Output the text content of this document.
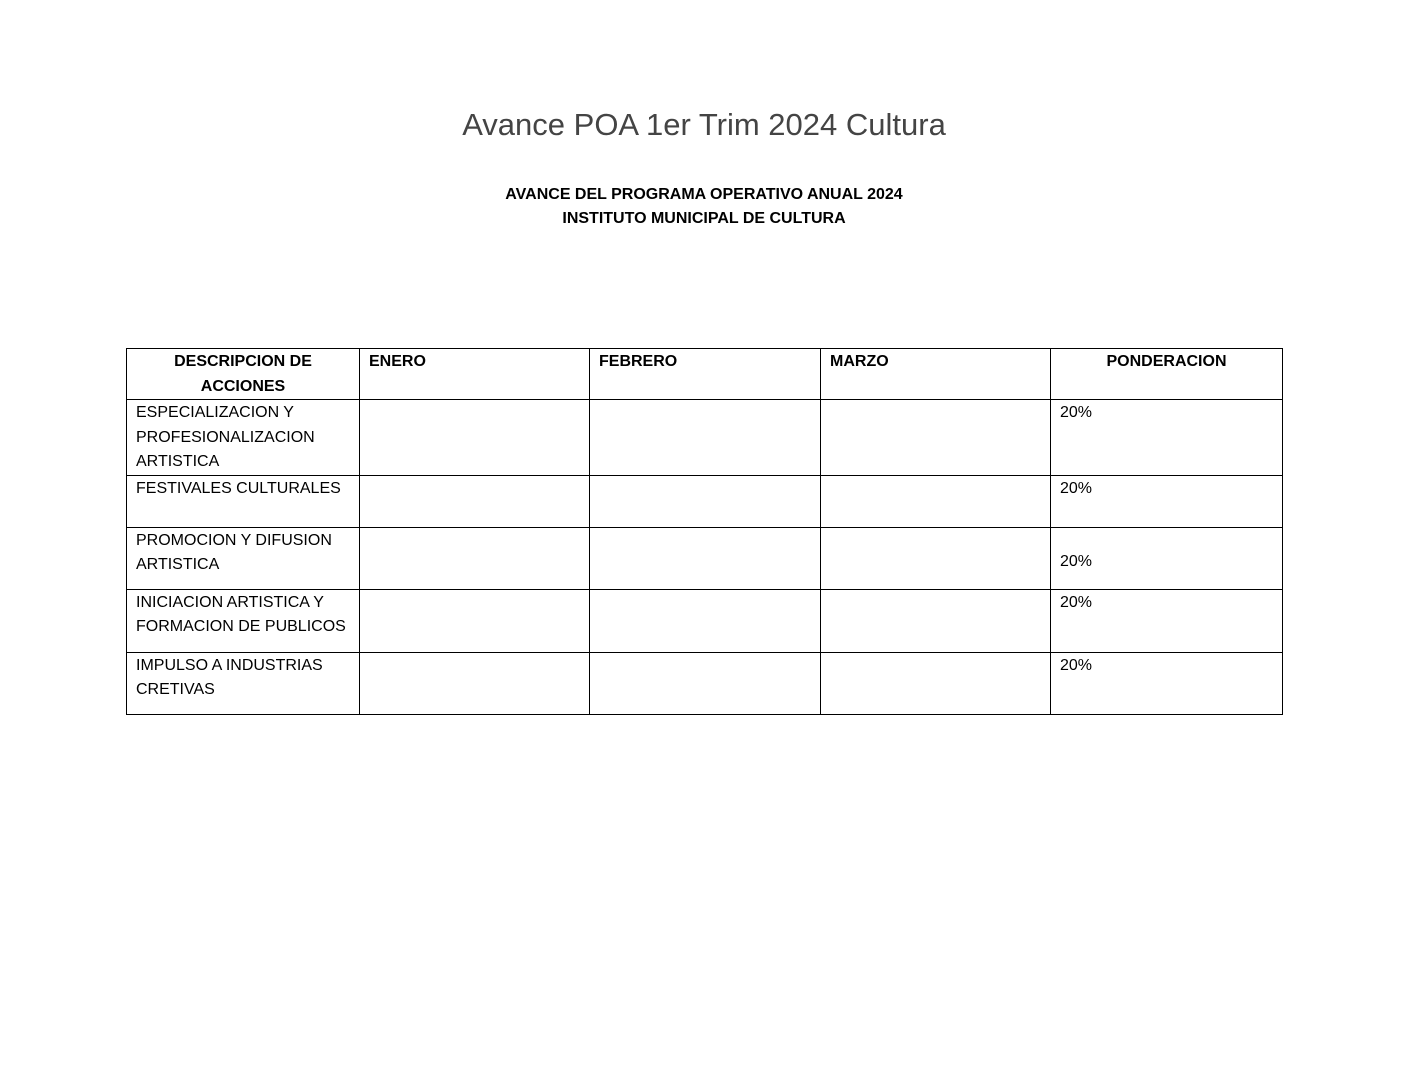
Avance POA 1er Trim 2024 Cultura
AVANCE DEL PROGRAMA OPERATIVO ANUAL 2024
INSTITUTO MUNICIPAL DE CULTURA
DESCRIPCION DE ACCIONES	ENERO	FEBRERO	MARZO	PONDERACION
ESPECIALIZACION Y PROFESIONALIZACION ARTISTICA				20%
FESTIVALES CULTURALES				20%
PROMOCION Y DIFUSION ARTISTICA				20%
INICIACION ARTISTICA Y FORMACION DE PUBLICOS				20%
IMPULSO A INDUSTRIAS CRETIVAS				20%
